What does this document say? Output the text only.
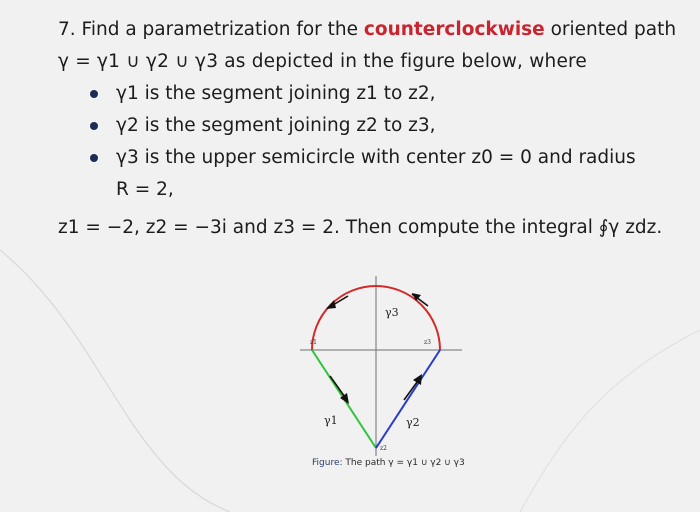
7. Find a parametrization for the counterclockwise oriented path
γ = γ1 ∪ γ2 ∪ γ3 as depicted in the figure below, where
γ1 is the segment joining z1 to z2,
γ2 is the segment joining z2 to z3,
γ3 is the upper semicircle with center z0 = 0 and radius
R = 2,
z1 = −2, z2 = −3i and z3 = 2. Then compute the integral ∮γ zdz.
γ3
γ1	γ2
z1	z3
z2
Figure: The path γ = γ1 ∪ γ2 ∪ γ3
